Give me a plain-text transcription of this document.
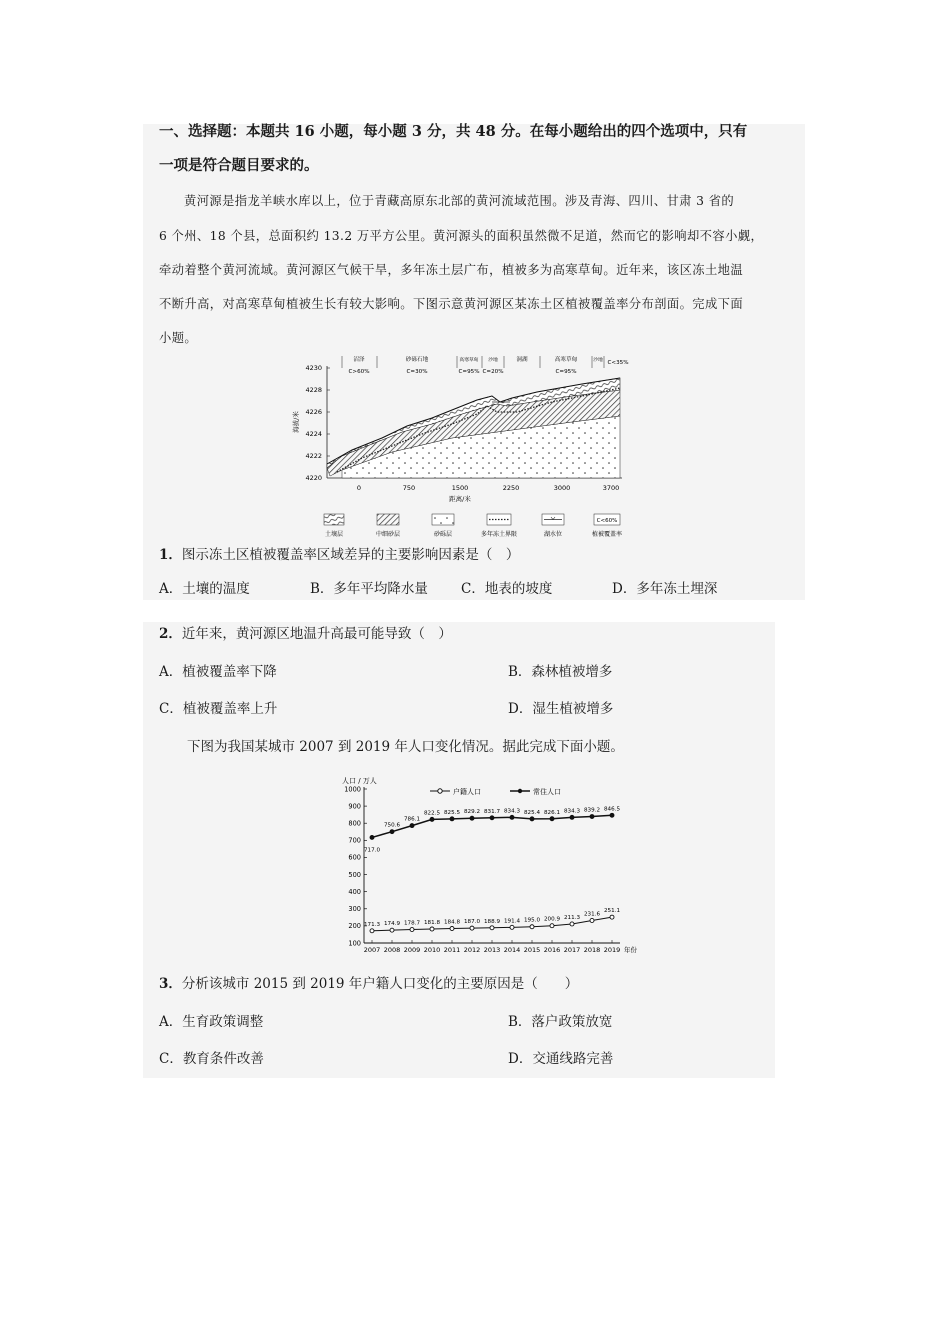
一、选择题：本题共 16 小题，每小题 3 分，共 48 分。在每小题给出的四个选项中，只有
一项是符合题目要求的。
黄河源是指龙羊峡水库以上，位于青藏高原东北部的黄河流域范围。涉及青海、四川、甘肃 3 省的
6 个州、18 个县，总面积约 13.2 万平方公里。黄河源头的面积虽然微不足道，然而它的影响却不容小觑，
牵动着整个黄河流域。黄河源区气候干旱，多年冻土层广布，植被多为高寒草甸。近年来，该区冻土地温
不断升高，对高寒草甸植被生长有较大影响。下图示意黄河源区某冻土区植被覆盖率分布剖面。完成下面
小题。
4230
4228
4226
4224
4222
4220
海拔/米
0	750	1500	2250	3000	3700
距离/米
沼泽
C>60%
砂砾石地
C=30%
高寒草甸
C=95%
沙地
C=20%
洞湖	高寒草甸
C=95%
沙地 C<35%
土壤层	中细砂层	砂砾层	多年冻土界限	湖水位
C<60%
植被覆盖率
1．图示冻土区植被覆盖率区域差异的主要影响因素是（　）
A．土壤的温度	B．多年平均降水量 C．地表的坡度	D．多年冻土埋深
2．近年来，黄河源区地温升高最可能导致（　）
A．植被覆盖率下降	B．森林植被增多
C．植被覆盖率上升	D．湿生植被增多
下图为我国某城市 2007 到 2019 年人口变化情况。据此完成下面小题。
100
200
300
400
500
600
700
800
900
1000
2007 2008 2009 2010 2011 2012 2013 2014 2015 2016 2017 2018 2019
171.3 174.9 178.7 181.8 184.8 187.0 188.9 191.4 195.0 200.9 211.3
231.6
251.1
717.0
750.6
786.1
822.5 825.5 829.2 831.7 834.3 825.4 826.1 834.3 839.2 846.5
人口 / 万人
年份
户籍人口	常住人口
3．分析该城市 2015 到 2019 年户籍人口变化的主要原因是（　　）
A．生育政策调整	B．落户政策放宽
C．教育条件改善	D．交通线路完善
